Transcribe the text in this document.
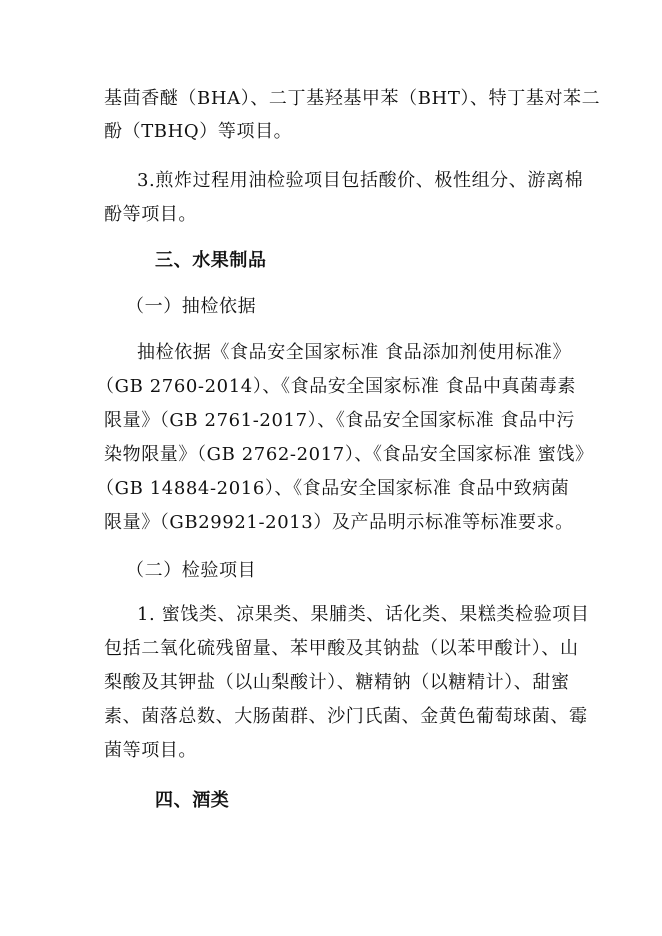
基茴香醚（BHA）、二丁基羟基甲苯（BHT）、特丁基对苯二
酚（TBHQ）等项目。
3.煎炸过程用油检验项目包括酸价、极性组分、游离棉
酚等项目。
三、水果制品
（一）抽检依据
抽检依据《食品安全国家标准 食品添加剂使用标准》
（GB 2760-2014）、《食品安全国家标准 食品中真菌毒素
限量》（GB 2761-2017）、《食品安全国家标准 食品中污
染物限量》（GB 2762-2017）、《食品安全国家标准 蜜饯》
（GB 14884-2016）、《食品安全国家标准 食品中致病菌
限量》（GB29921-2013）及产品明示标准等标准要求。
（二）检验项目
1. 蜜饯类、凉果类、果脯类、话化类、果糕类检验项目
包括二氧化硫残留量、苯甲酸及其钠盐（以苯甲酸计）、山
梨酸及其钾盐（以山梨酸计）、糖精钠（以糖精计）、甜蜜
素、菌落总数、大肠菌群、沙门氏菌、金黄色葡萄球菌、霉
菌等项目。
四、酒类
